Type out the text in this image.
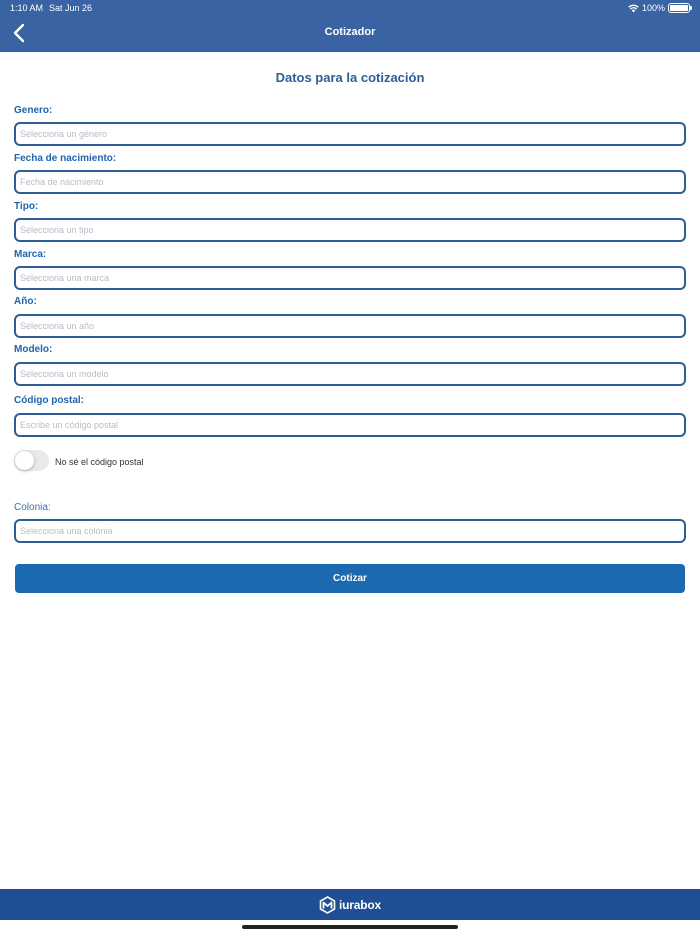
1:10 AM Sat Jun 26	100%
Cotizador
Datos para la cotización
Genero:
Selecciona un género
Fecha de nacimiento:
Fecha de nacimiento
Tipo:
Selecciona un tipo
Marca:
Selecciona una marca
Año:
Selecciona un año
Modelo:
Selecciona un modelo
Código postal:
Escribe un código postal
No sé el código postal
Colonia:
Selecciona una colonia
Cotizar
iurabox
